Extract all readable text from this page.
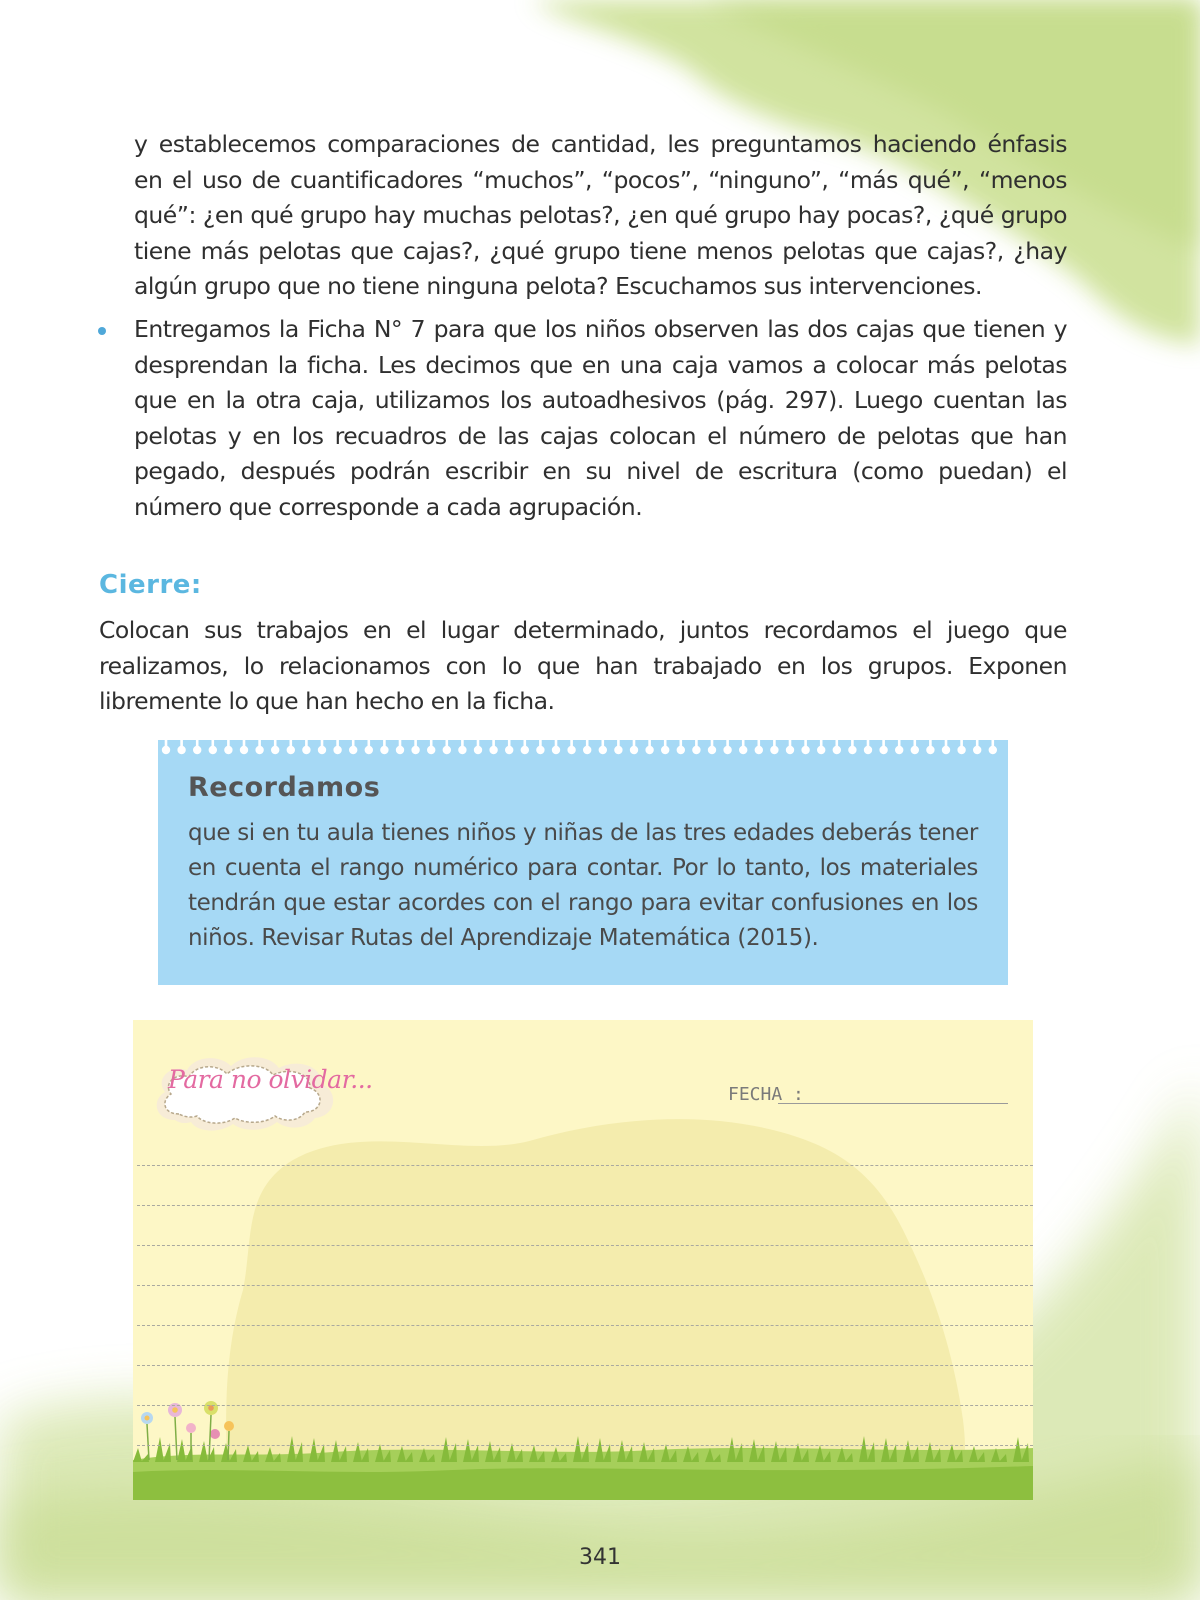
y establecemos comparaciones de cantidad, les preguntamos haciendo énfasis en el uso de cuantificadores “muchos”, “pocos”, “ninguno”, “más qué”, “menos qué”: ¿en qué grupo hay muchas pelotas?, ¿en qué grupo hay pocas?, ¿qué grupo tiene más pelotas que cajas?, ¿qué grupo tiene menos pelotas que cajas?, ¿hay algún grupo que no tiene ninguna pelota? Escuchamos sus intervenciones.

Entregamos la Ficha N° 7 para que los niños observen las dos cajas que tienen y desprendan la ficha. Les decimos que en una caja vamos a colocar más pelotas que en la otra caja, utilizamos los autoadhesivos (pág. 297). Luego cuentan las pelotas y en los recuadros de las cajas colocan el número de pelotas que han pegado, después podrán escribir en su nivel de escritura (como puedan) el número que corresponde a cada agrupación.

Cierre:

Colocan sus trabajos en el lugar determinado, juntos recordamos el juego que realizamos, lo relacionamos con lo que han trabajado en los grupos. Exponen libremente lo que han hecho en la ficha.

Recordamos

que si en tu aula tienes niños y niñas de las tres edades deberás tener en cuenta el rango numérico para contar. Por lo tanto, los materiales tendrán que estar acordes con el rango para evitar confusiones en los niños. Revisar Rutas del Aprendizaje Matemática (2015).

Para no olvidar...

FECHA :

341
